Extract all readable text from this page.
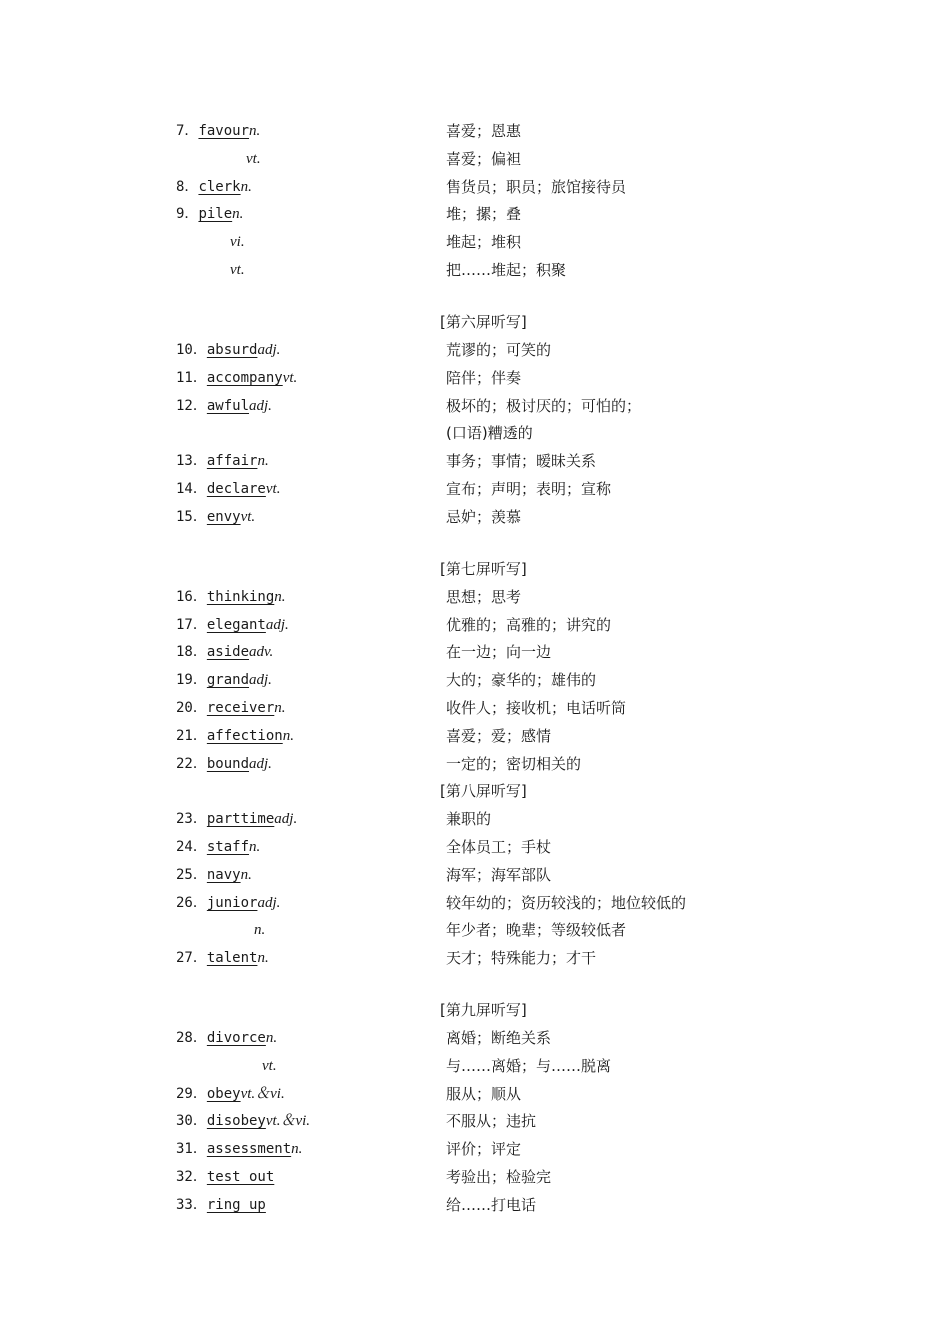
7．favourn.	喜爱；恩惠
vt.	喜爱；偏袒
8．clerkn.	售货员；职员；旅馆接待员
9．pilen.	堆；摞；叠
vi.	堆起；堆积
vt.	把……堆起；积聚
[第六屏听写]
10．absurdadj.	荒谬的；可笑的
11．accompanyvt.	陪伴；伴奏
12．awfuladj.	极坏的；极讨厌的；可怕的；
(口语)糟透的
13．affairn.	事务；事情；暧昧关系
14．declarevt.	宣布；声明；表明；宣称
15．envyvt.	忌妒；羡慕
[第七屏听写]
16．thinkingn.	思想；思考
17．elegantadj.	优雅的；高雅的；讲究的
18．asideadv.	在一边；向一边
19．grandadj.	大的；豪华的；雄伟的
20．receivern.	收件人；接收机；电话听筒
21．affectionn.	喜爱；爱；感情
22．boundadj.	一定的；密切相关的
[第八屏听写]
23．parttimeadj.	兼职的
24．staffn.	全体员工；手杖
25．navyn.	海军；海军部队
26．junioradj.	较年幼的；资历较浅的；地位较低的
n.	年少者；晚辈；等级较低者
27．talentn.	天才；特殊能力；才干
[第九屏听写]
28．divorcen.	离婚；断绝关系
vt.	与……离婚；与……脱离
29．obeyvt.＆vi.	服从；顺从
30．disobeyvt.＆vi.	不服从；违抗
31．assessmentn.	评价；评定
32．test out	考验出；检验完
33．ring up	给……打电话
